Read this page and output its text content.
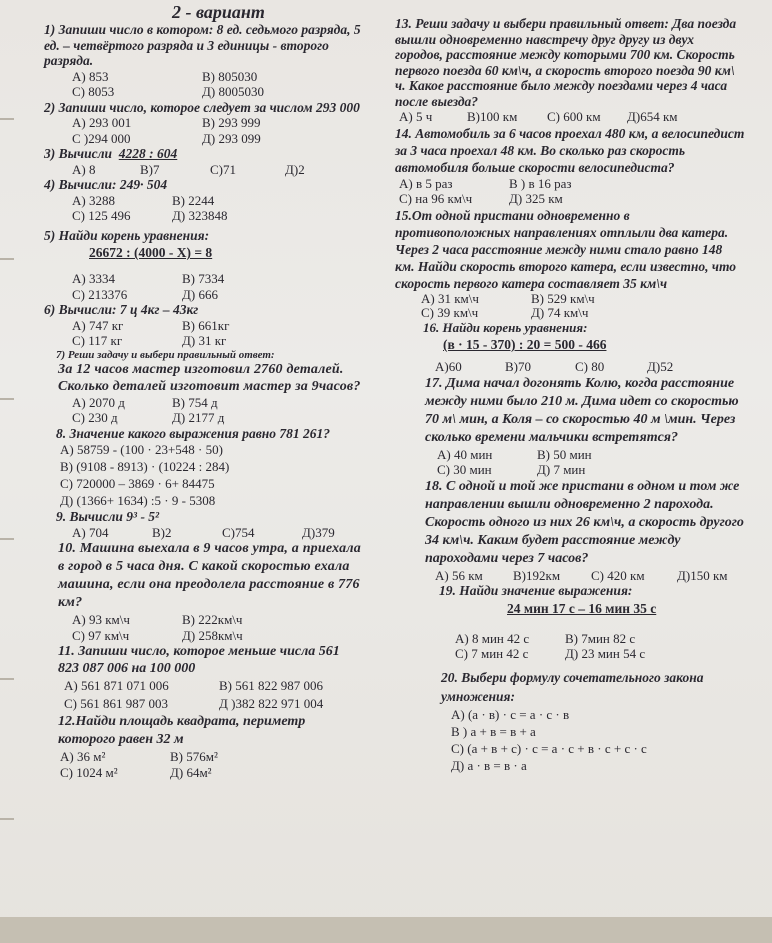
2 - вариант

1) Запиши число в котором: 8 ед. седьмого разряда, 5 ед. – четвёртого разряда и 3 единицы - второго разряда.

А) 853	В) 805030
С) 8053	Д) 8005030

2) Запиши число, которое следует за числом 293 000

А) 293 001	В) 293 999
С )294 000	Д) 293 099

3) Вычисли 4228 : 604

А) 8	В)7	С)71	Д)2

4) Вычисли: 249· 504

А) 3288	В) 2244
С) 125 496	Д) 323848

5) Найди корень уравнения:

26672 : (4000 - Х) = 8
А) 3334	В) 7334
С) 213376	Д) 666

6) Вычисли: 7 ц 4кг – 43кг

А) 747 кг	В) 661кг
С) 117 кг	Д) 31 кг

7) Реши задачу и выбери правильный ответ:

За 12 часов мастер изготовил 2760 деталей. Сколько деталей изготовит мастер за 9часов?

А) 2070 д	В) 754 д
С) 230 д	Д) 2177 д

8. Значение какого выражения равно 781 261?

А) 58759 - (100 · 23+548 · 50)
В) (9108 - 8913) · (10224 : 284)
С) 720000 – 3869 · 6+ 84475
Д) (1366+ 1634) :5 · 9 - 5308

9. Вычисли 9³ - 5²

А) 704	В)2	С)754	Д)379

10. Машина выехала в 9 часов утра, а приехала в город в 5 часа дня. С какой скоростью ехала машина, если она преодолела расстояние в 776 км?

А) 93 км\ч	В) 222км\ч
С) 97 км\ч	Д) 258км\ч

11. Запиши число, которое меньше числа 561 823 087 006 на 100 000

А) 561 871 071 006	В) 561 822 987 006
С) 561 861 987 003	Д )382 822 971 004

12.Найди площадь квадрата, периметр которого равен 32 м

А) 36 м²	В) 576м²
С) 1024 м²	Д) 64м²

13. Реши задачу и выбери правильный ответ: Два поезда вышли одновременно навстречу друг другу из двух городов, расстояние между которыми 700 км. Скорость первого поезда 60 км\ч, а скорость второго поезда 90 км\ ч. Какое расстояние было между поездами через 4 часа после выезда?

А) 5 ч	В)100 км	С) 600 км	Д)654 км

14. Автомобиль за 6 часов проехал 480 км, а велосипедист за 3 часа проехал 48 км. Во сколько раз скорость автомобиля больше скорости велосипедиста?

А) в 5 раз	В ) в 16 раз
С) на 96 км\ч	Д) 325 км

15.От одной пристани одновременно в противоположных направлениях отплыли два катера. Через 2 часа расстояние между ними стало равно 148 км. Найди скорость второго катера, если известно, что скорость первого катера составляет 35 км\ч

А) 31 км\ч	В) 529 км\ч
С) 39 км\ч	Д) 74 км\ч

16. Найди корень уравнения:

(в · 15 - 370) : 20 = 500 - 466
А)60	В)70	С) 80	Д)52

17. Дима начал догонять Колю, когда расстояние между ними было 210 м. Дима идет со скоростью 70 м\ мин, а Коля – со скоростью 40 м \мин. Через сколько времени мальчики встретятся?

А) 40 мин	В) 50 мин
С) 30 мин	Д) 7 мин

18. С одной и той же пристани в одном и том же направлении вышли одновременно 2 парохода. Скорость одного из них 26 км\ч, а скорость другого 34 км\ч. Каким будет расстояние между пароходами через 7 часов?

А) 56 км	В)192км	С) 420 км	Д)150 км

19. Найди значение выражения:

24 мин 17 с – 16 мин 35 с
А) 8 мин 42 с	В) 7мин 82 с
С) 7 мин 42 с	Д) 23 мин 54 с

20. Выбери формулу сочетательного закона умножения:

А) (а · в) · с = а · с · в
В ) а + в = в + а
С) (а + в + с) · с = а · с + в · с + с · с
Д) а · в = в · а
